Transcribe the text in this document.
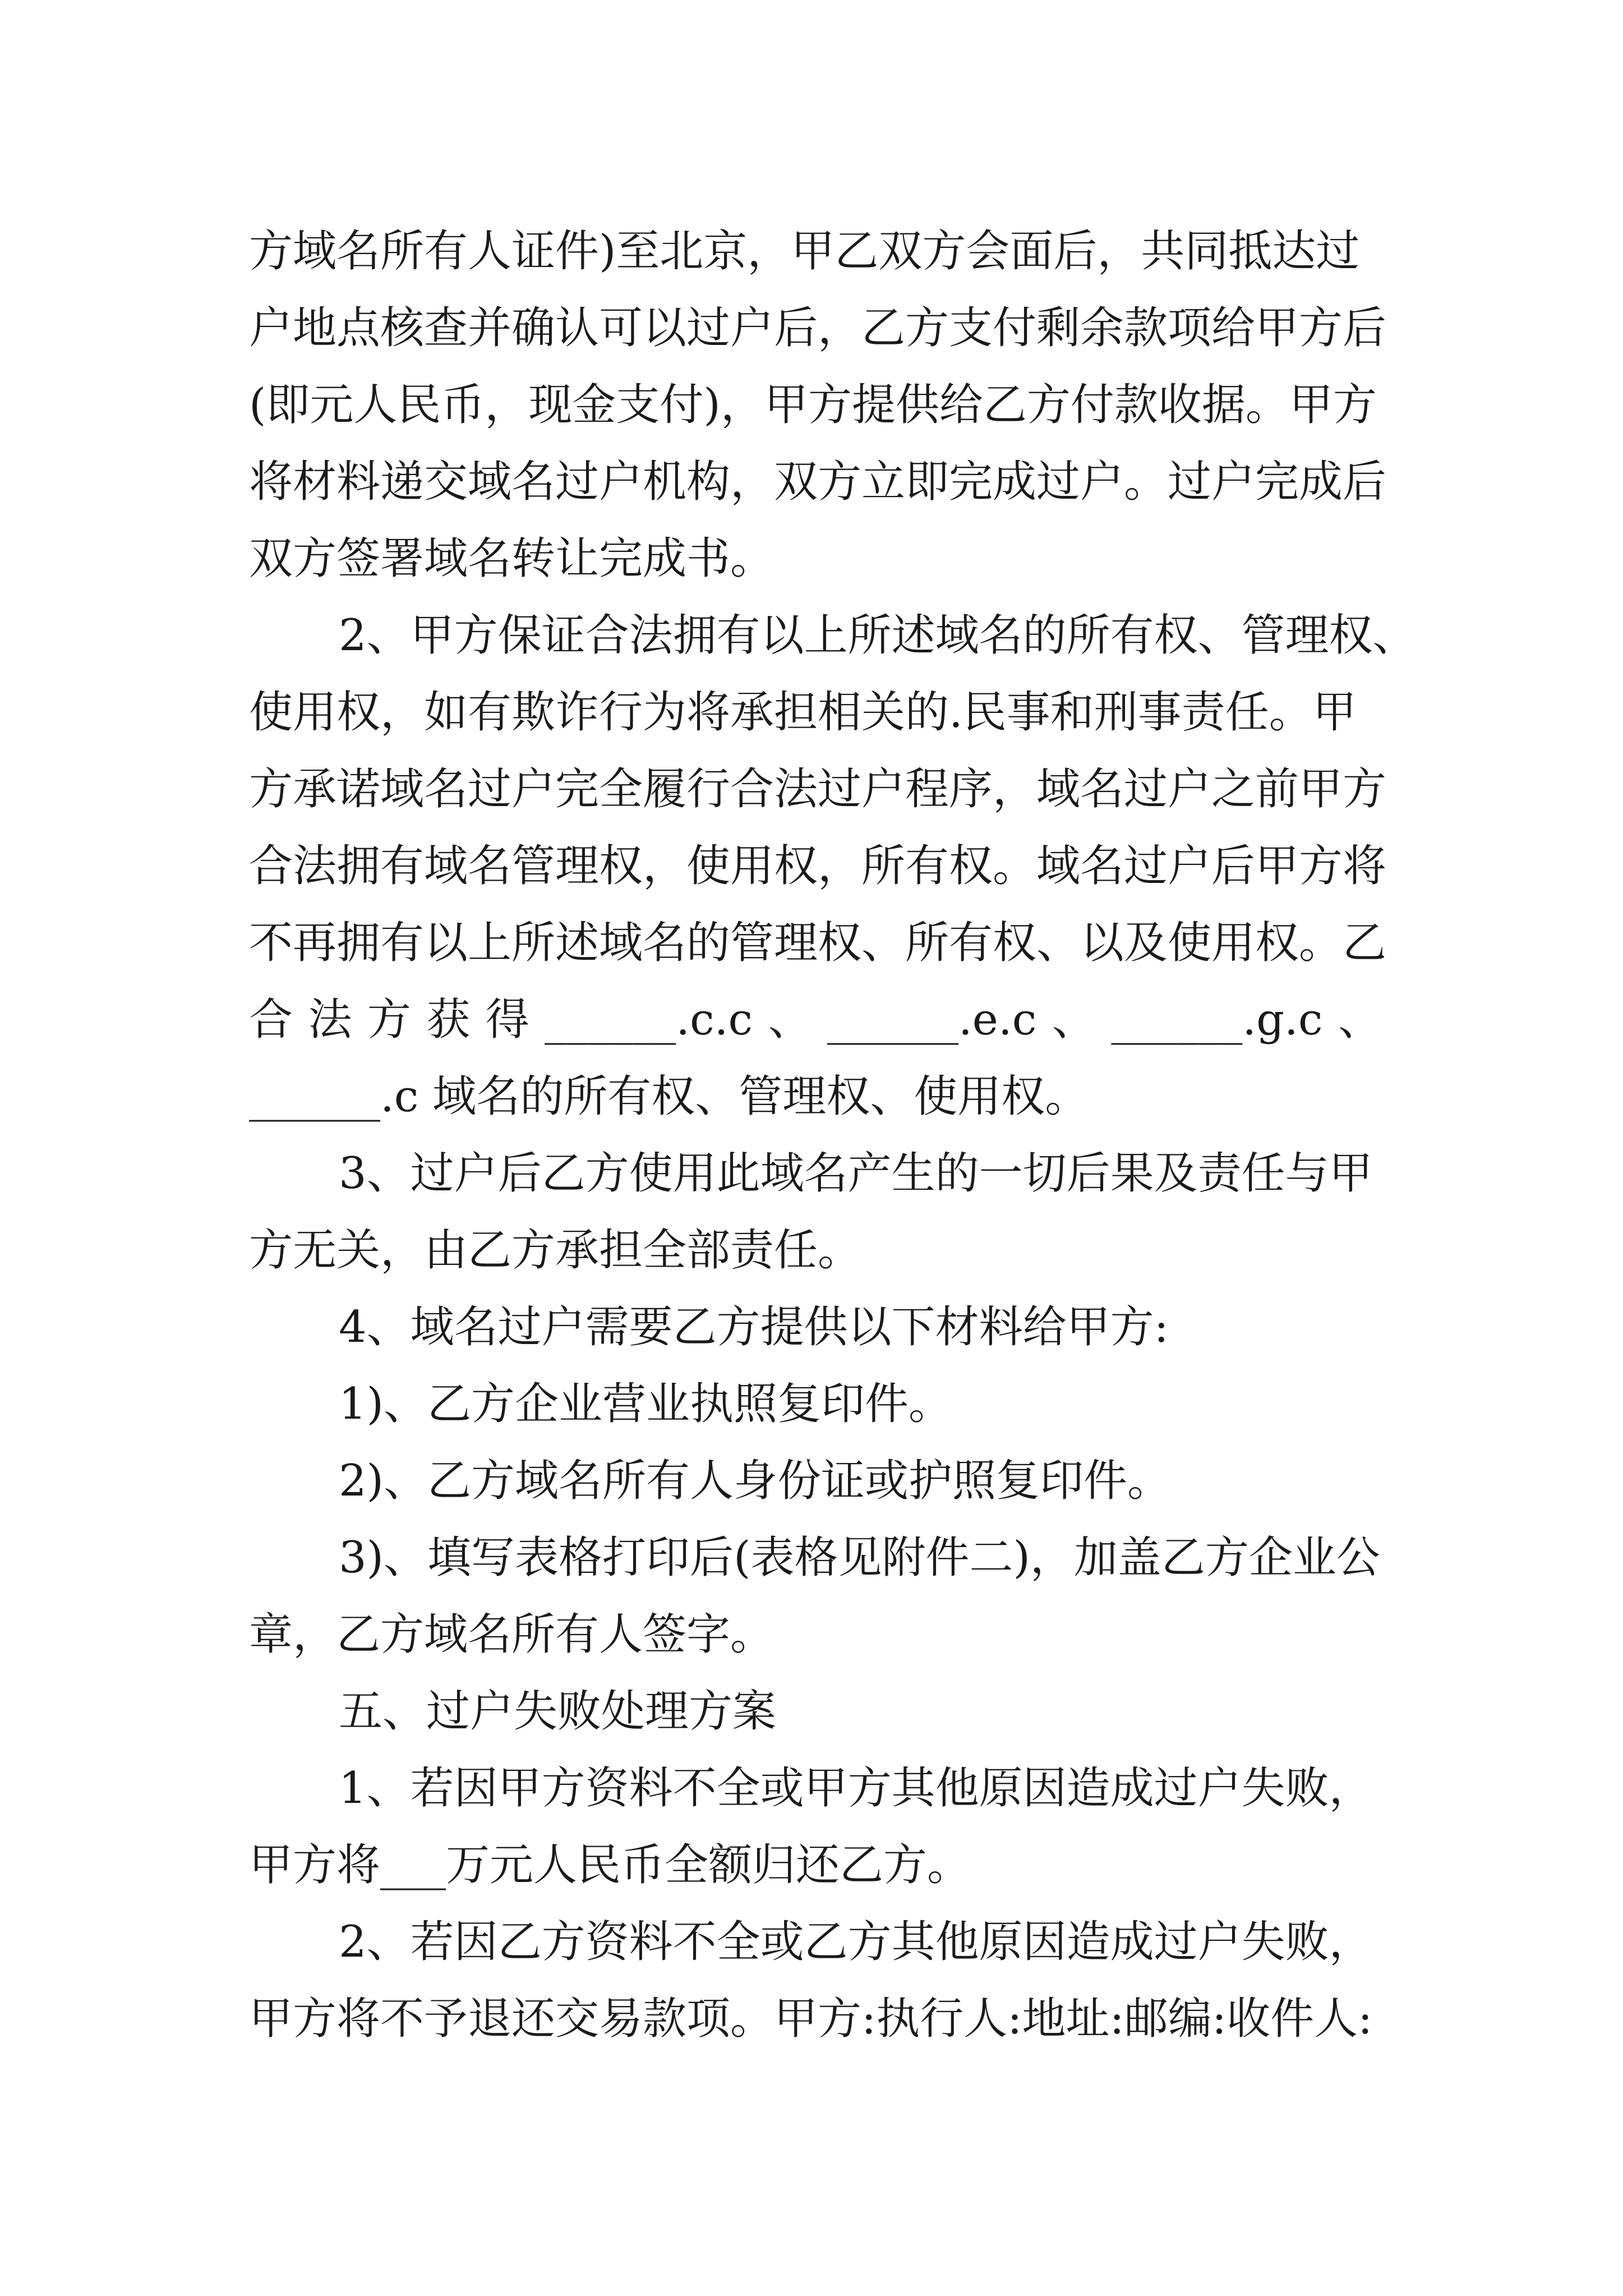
方域名所有人证件)至北京，甲乙双方会面后，共同抵达过
户地点核查并确认可以过户后，乙方支付剩余款项给甲方后
(即元人民币，现金支付)，甲方提供给乙方付款收据。甲方
将材料递交域名过户机构，双方立即完成过户。过户完成后
双方签署域名转让完成书。
2、甲方保证合法拥有以上所述域名的所有权、管理权、
使用权，如有欺诈行为将承担相关的.民事和刑事责任。甲
方承诺域名过户完全履行合法过户程序，域名过户之前甲方
合法拥有域名管理权，使用权，所有权。域名过户后甲方将
不再拥有以上所述域名的管理权、所有权、以及使用权。乙
合 法 方 获 得 ______.c.c 、 ______.e.c 、 ______.g.c 、
______.c 域名的所有权、管理权、使用权。
3、过户后乙方使用此域名产生的一切后果及责任与甲
方无关，由乙方承担全部责任。
4、域名过户需要乙方提供以下材料给甲方:
1)、乙方企业营业执照复印件。
2)、乙方域名所有人身份证或护照复印件。
3)、填写表格打印后(表格见附件二)，加盖乙方企业公
章，乙方域名所有人签字。
五、过户失败处理方案
1、若因甲方资料不全或甲方其他原因造成过户失败，
甲方将___万元人民币全额归还乙方。
2、若因乙方资料不全或乙方其他原因造成过户失败，
甲方将不予退还交易款项。甲方:执行人:地址:邮编:收件人:
